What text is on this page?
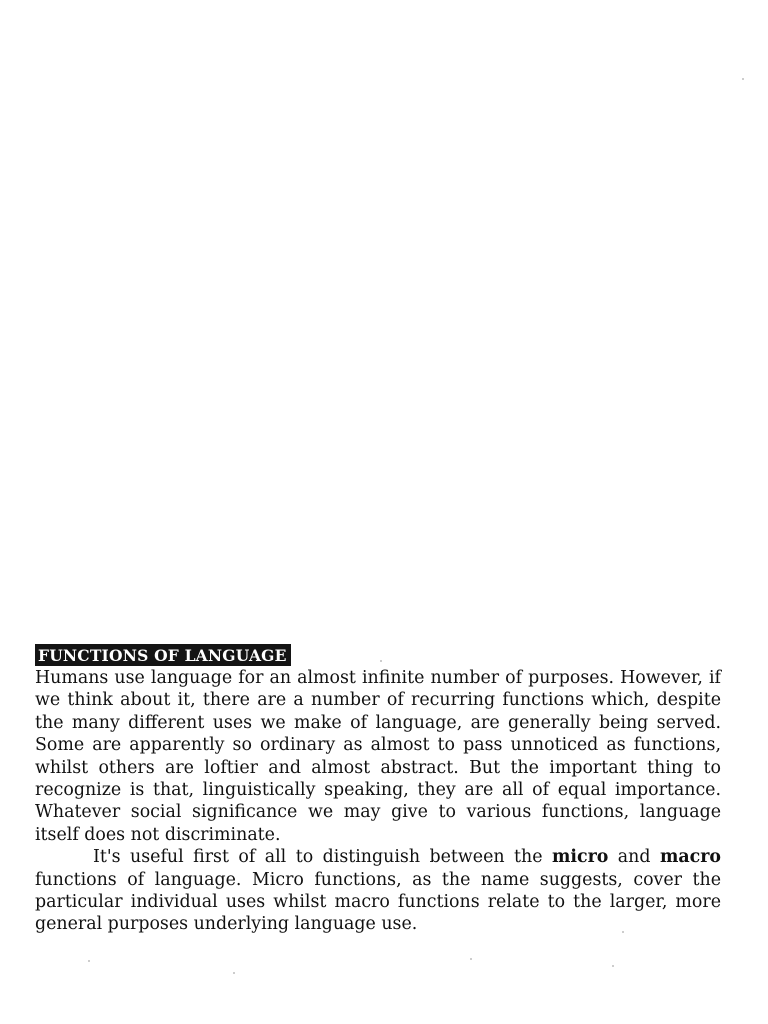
FUNCTIONS OF LANGUAGE

Humans use language for an almost infinite number of purposes. However, if we think about it, there are a number of recurring functions which, despite the many different uses we make of language, are generally being served. Some are apparently so ordinary as almost to pass unnoticed as functions, whilst others are loftier and almost abstract. But the important thing to recognize is that, linguistically speaking, they are all of equal importance. Whatever social significance we may give to various functions, language itself does not discriminate.

It's useful first of all to distinguish between the micro and macro functions of language. Micro functions, as the name suggests, cover the particular individual uses whilst macro functions relate to the larger, more general purposes underlying language use.
